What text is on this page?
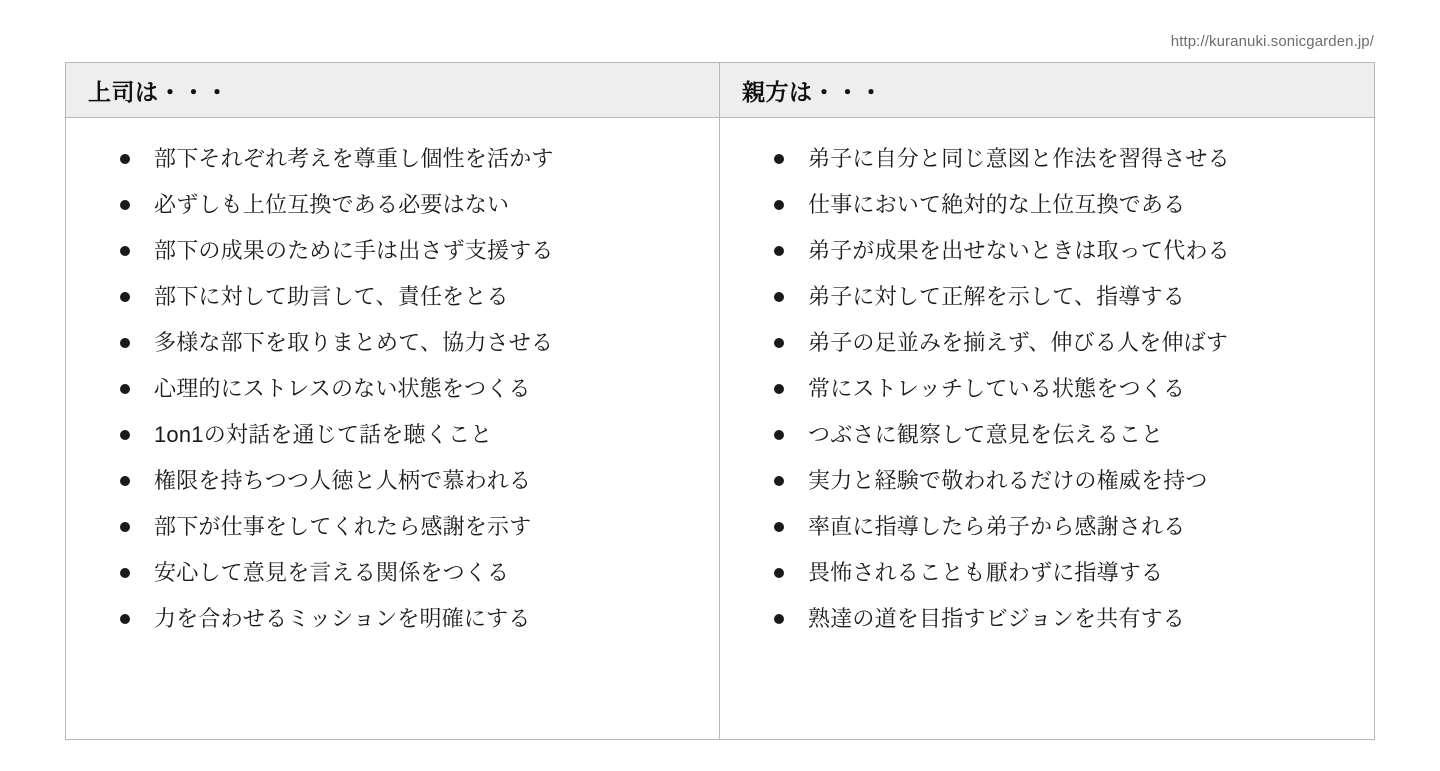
http://kuranuki.sonicgarden.jp/
上司は・・・	親方は・・・
部下それぞれ考えを尊重し個性を活かす
必ずしも上位互換である必要はない
部下の成果のために手は出さず支援する
部下に対して助言して、責任をとる
多様な部下を取りまとめて、協力させる
心理的にストレスのない状態をつくる
1on1の対話を通じて話を聴くこと
権限を持ちつつ人徳と人柄で慕われる
部下が仕事をしてくれたら感謝を示す
安心して意見を言える関係をつくる
力を合わせるミッションを明確にする
弟子に自分と同じ意図と作法を習得させる
仕事において絶対的な上位互換である
弟子が成果を出せないときは取って代わる
弟子に対して正解を示して、指導する
弟子の足並みを揃えず、伸びる人を伸ばす
常にストレッチしている状態をつくる
つぶさに観察して意見を伝えること
実力と経験で敬われるだけの権威を持つ
率直に指導したら弟子から感謝される
畏怖されることも厭わずに指導する
熟達の道を目指すビジョンを共有する
